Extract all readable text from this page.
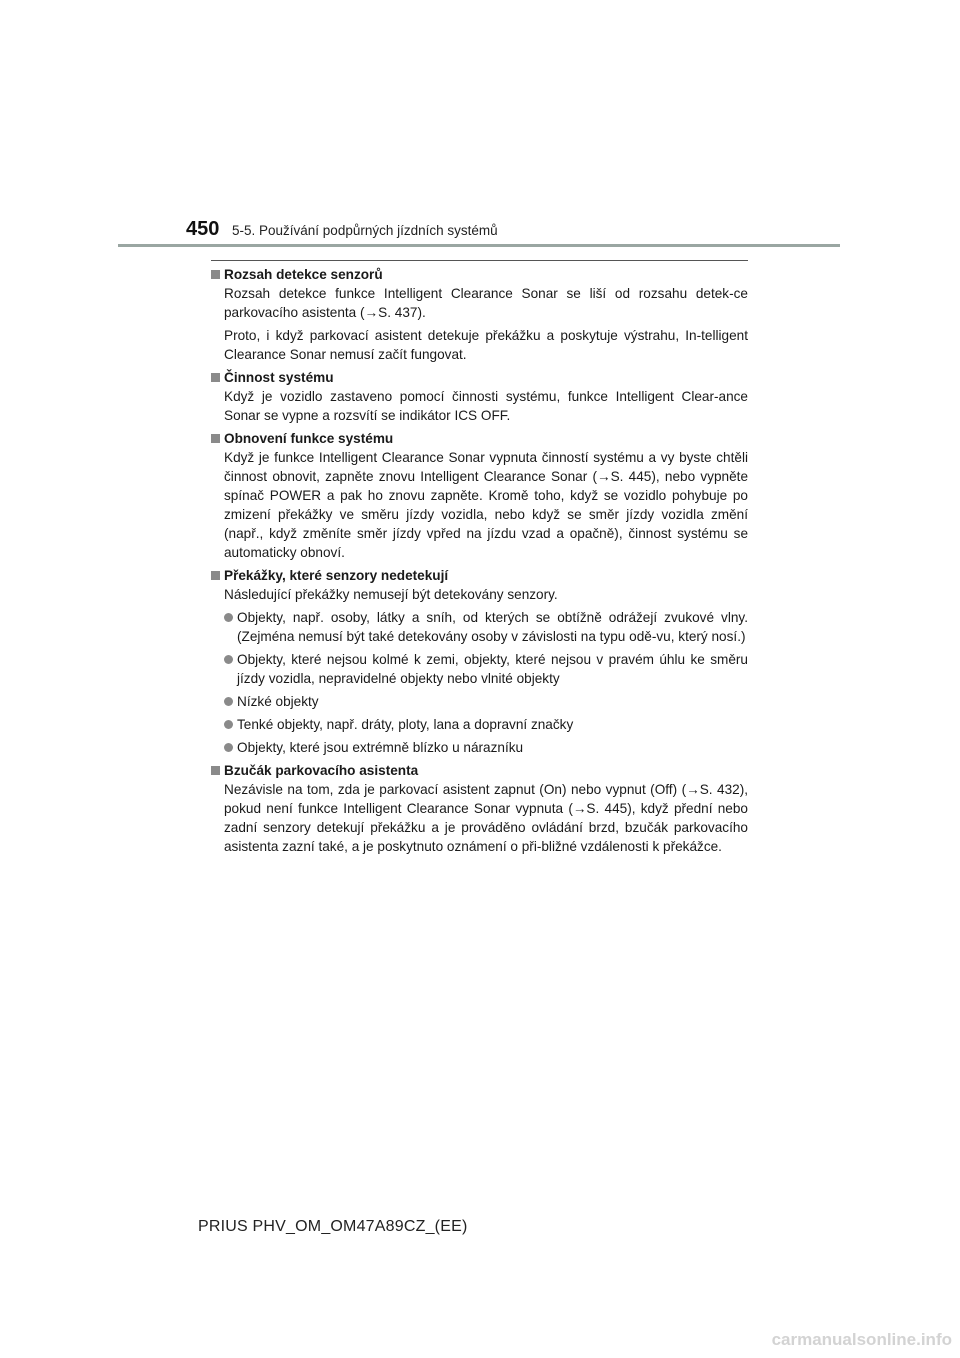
450 5-5. Používání podpůrných jízdních systémů
Rozsah detekce senzorů

Rozsah detekce funkce Intelligent Clearance Sonar se liší od rozsahu detek-ce parkovacího asistenta (→S. 437).

Proto, i když parkovací asistent detekuje překážku a poskytuje výstrahu, In-telligent Clearance Sonar nemusí začít fungovat.

Činnost systému

Když je vozidlo zastaveno pomocí činnosti systému, funkce Intelligent Clear-ance Sonar se vypne a rozsvítí se indikátor ICS OFF.

Obnovení funkce systému

Když je funkce Intelligent Clearance Sonar vypnuta činností systému a vy byste chtěli činnost obnovit, zapněte znovu Intelligent Clearance Sonar (→S. 445), nebo vypněte spínač POWER a pak ho znovu zapněte. Kromě toho, když se vozidlo pohybuje po zmizení překážky ve směru jízdy vozidla, nebo když se směr jízdy vozidla změní (např., když změníte směr jízdy vpřed na jízdu vzad a opačně), činnost systému se automaticky obnoví.

Překážky, které senzory nedetekují

Následující překážky nemusejí být detekovány senzory.

Objekty, např. osoby, látky a sníh, od kterých se obtížně odrážejí zvukové vlny. (Zejména nemusí být také detekovány osoby v závislosti na typu odě-vu, který nosí.)
Objekty, které nejsou kolmé k zemi, objekty, které nejsou v pravém úhlu ke směru jízdy vozidla, nepravidelné objekty nebo vlnité objekty
Nízké objekty
Tenké objekty, např. dráty, ploty, lana a dopravní značky
Objekty, které jsou extrémně blízko u nárazníku
Bzučák parkovacího asistenta

Nezávisle na tom, zda je parkovací asistent zapnut (On) nebo vypnut (Off) (→S. 432), pokud není funkce Intelligent Clearance Sonar vypnuta (→S. 445), když přední nebo zadní senzory detekují překážku a je prováděno ovládání brzd, bzučák parkovacího asistenta zazní také, a je poskytnuto oznámení o při-bližné vzdálenosti k překážce.

PRIUS PHV_OM_OM47A89CZ_(EE)
carmanualsonline.info
